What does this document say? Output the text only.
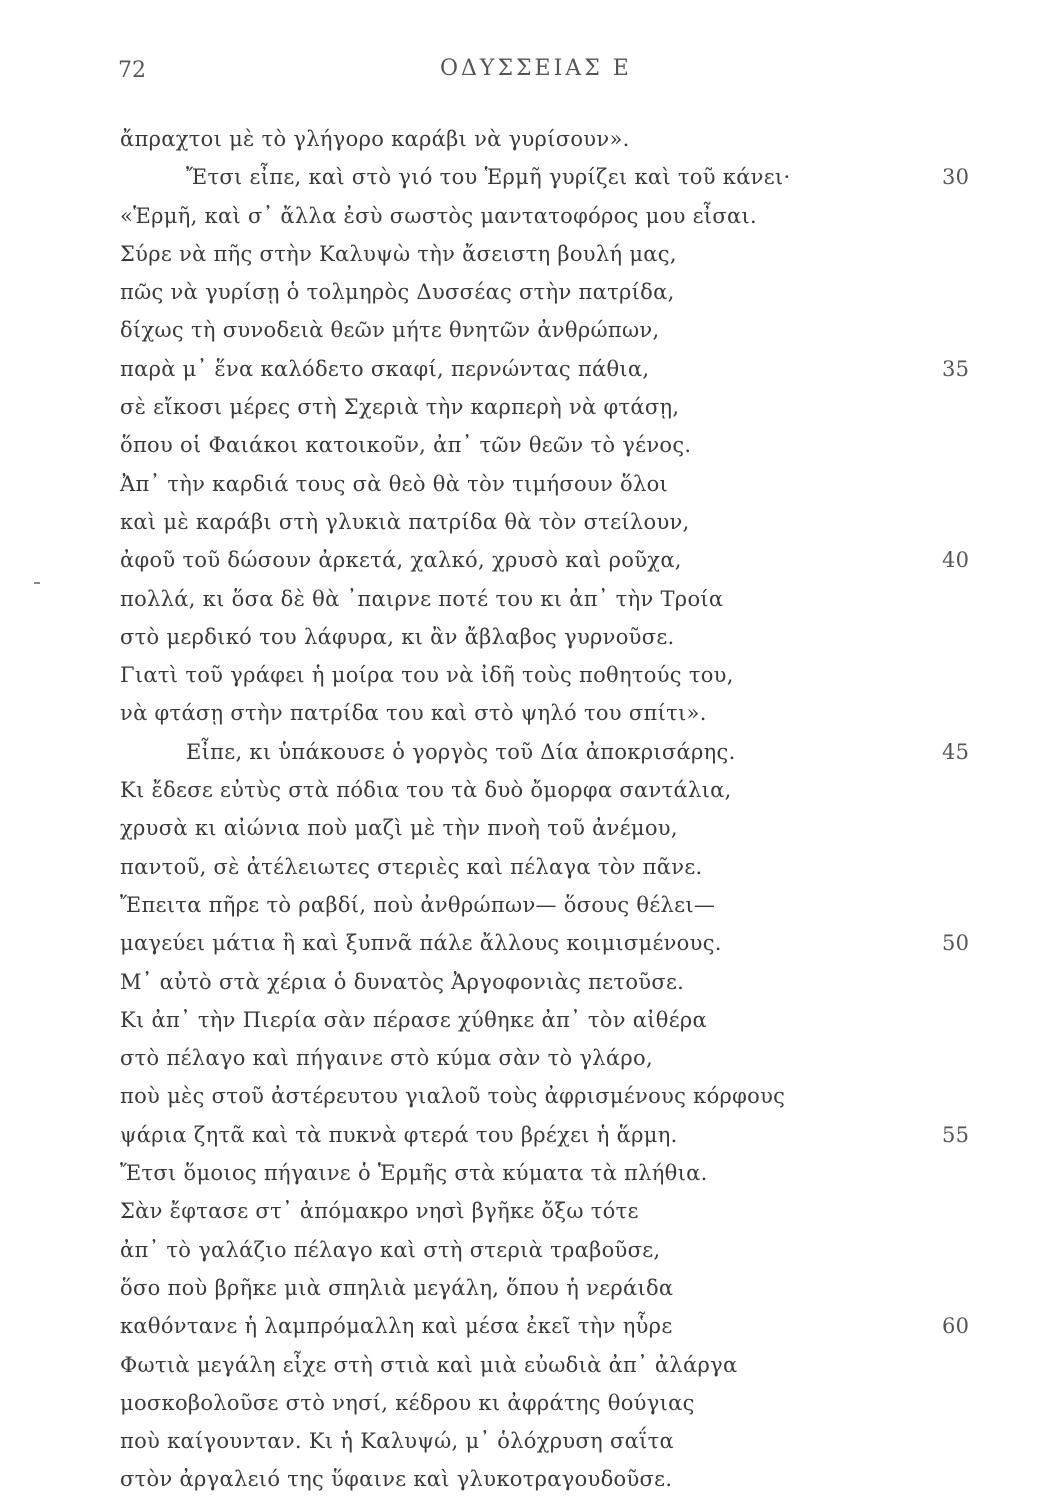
72	ΟΔΥΣΣΕΙΑΣ Ε
ἄπραχτοι μὲ τὸ γλήγορο καράβι νὰ γυρίσουν».
Ἔτσι εἶπε, καὶ στὸ γιό του Ἑρμῆ γυρίζει καὶ τοῦ κάνει·	30
«Ἑρμῆ, καὶ σ᾽ ἄλλα ἐσὺ σωστὸς μαντατοφόρος μου εἶσαι.
Σύρε νὰ πῆς στὴν Καλυψὼ τὴν ἄσειστη βουλή μας,
πῶς νὰ γυρίσῃ ὁ τολμηρὸς Δυσσέας στὴν πατρίδα,
δίχως τὴ συνοδειὰ θεῶν μήτε θνητῶν ἀνθρώπων,
παρὰ μ᾽ ἕνα καλόδετο σκαφί, περνώντας πάθια,	35
σὲ εἴκοσι μέρες στὴ Σχεριὰ τὴν καρπερὴ νὰ φτάσῃ,
ὅπου οἱ Φαιάκοι κατοικοῦν, ἀπ᾽ τῶν θεῶν τὸ γένος.
Ἀπ᾽ τὴν καρδιά τους σὰ θεὸ θὰ τὸν τιμήσουν ὅλοι
καὶ μὲ καράβι στὴ γλυκιὰ πατρίδα θὰ τὸν στείλουν,
ἀφοῦ τοῦ δώσουν ἀρκετά, χαλκό, χρυσὸ καὶ ροῦχα,	40
πολλά, κι ὅσα δὲ θὰ ᾽παιρνε ποτέ του κι ἀπ᾽ τὴν Τροία
στὸ μερδικό του λάφυρα, κι ἂν ἄβλαβος γυρνοῦσε.
Γιατὶ τοῦ γράφει ἡ μοίρα του νὰ ἰδῆ τοὺς ποθητούς του,
νὰ φτάσῃ στὴν πατρίδα του καὶ στὸ ψηλό του σπίτι».
Εἶπε, κι ὑπάκουσε ὁ γοργὸς τοῦ Δία ἀποκρισάρης.	45
Κι ἔδεσε εὐτὺς στὰ πόδια του τὰ δυὸ ὄμορφα σαντάλια,
χρυσὰ κι αἰώνια ποὺ μαζὶ μὲ τὴν πνοὴ τοῦ ἀνέμου,
παντοῦ, σὲ ἀτέλειωτες στεριὲς καὶ πέλαγα τὸν πᾶνε.
Ἔπειτα πῆρε τὸ ραβδί, ποὺ ἀνθρώπων— ὅσους θέλει—
μαγεύει μάτια ἢ καὶ ξυπνᾶ πάλε ἄλλους κοιμισμένους.	50
Μ᾽ αὐτὸ στὰ χέρια ὁ δυνατὸς Ἀργοφονιὰς πετοῦσε.
Κι ἀπ᾽ τὴν Πιερία σὰν πέρασε χύθηκε ἀπ᾽ τὸν αἰθέρα
στὸ πέλαγο καὶ πήγαινε στὸ κύμα σὰν τὸ γλάρο,
ποὺ μὲς στοῦ ἀστέρευτου γιαλοῦ τοὺς ἀφρισμένους κόρφους
ψάρια ζητᾶ καὶ τὰ πυκνὰ φτερά του βρέχει ἡ ἅρμη.	55
Ἔτσι ὅμοιος πήγαινε ὁ Ἑρμῆς στὰ κύματα τὰ πλήθια.
Σὰν ἔφτασε στ᾽ ἀπόμακρο νησὶ βγῆκε ὄξω τότε
ἀπ᾽ τὸ γαλάζιο πέλαγο καὶ στὴ στεριὰ τραβοῦσε,
ὅσο ποὺ βρῆκε μιὰ σπηλιὰ μεγάλη, ὅπου ἡ νεράιδα
καθόντανε ἡ λαμπρόμαλλη καὶ μέσα ἐκεῖ τὴν ηὗρε	60
Φωτιὰ μεγάλη εἶχε στὴ στιὰ καὶ μιὰ εὐωδιὰ ἀπ᾽ ἀλάργα
μοσκοβολοῦσε στὸ νησί, κέδρου κι ἀφράτης θούγιας
ποὺ καίγουνταν. Κι ἡ Καλυψώ, μ᾽ ὁλόχρυση σαΐτα
στὸν ἀργαλειό της ὕφαινε καὶ γλυκοτραγουδοῦσε.
